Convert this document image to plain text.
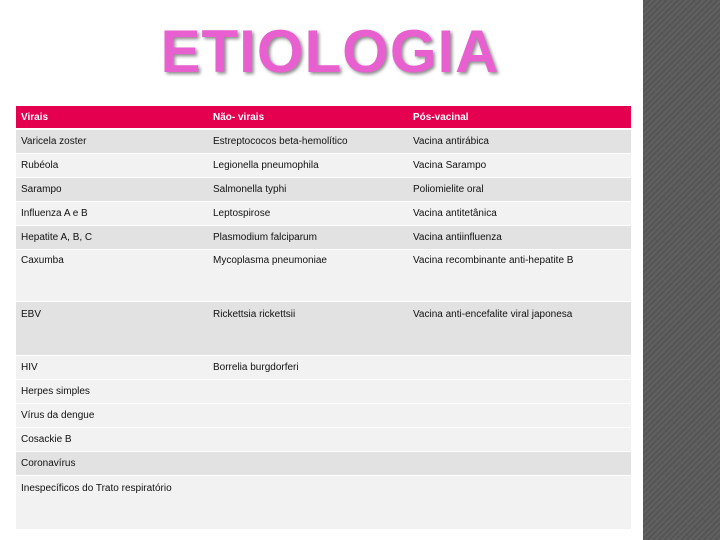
ETIOLOGIA
Virais	Não- virais	Pós-vacinal
Varicela zoster	Estreptococos beta-hemolítico	Vacina antirábica
Rubéola	Legionella pneumophila	Vacina Sarampo
Sarampo	Salmonella typhi	Poliomielite oral
Influenza A e B	Leptospirose	Vacina antitetânica
Hepatite A, B, C	Plasmodium falciparum	Vacina antiinfluenza
Caxumba	Mycoplasma pneumoniae	Vacina recombinante anti-hepatite B
EBV	Rickettsia rickettsii	Vacina anti-encefalite viral japonesa
HIV	Borrelia burgdorferi	
Herpes simples		
Vírus da dengue		
Cosackie B		
Coronavírus		
Inespecíficos do Trato respiratório		
